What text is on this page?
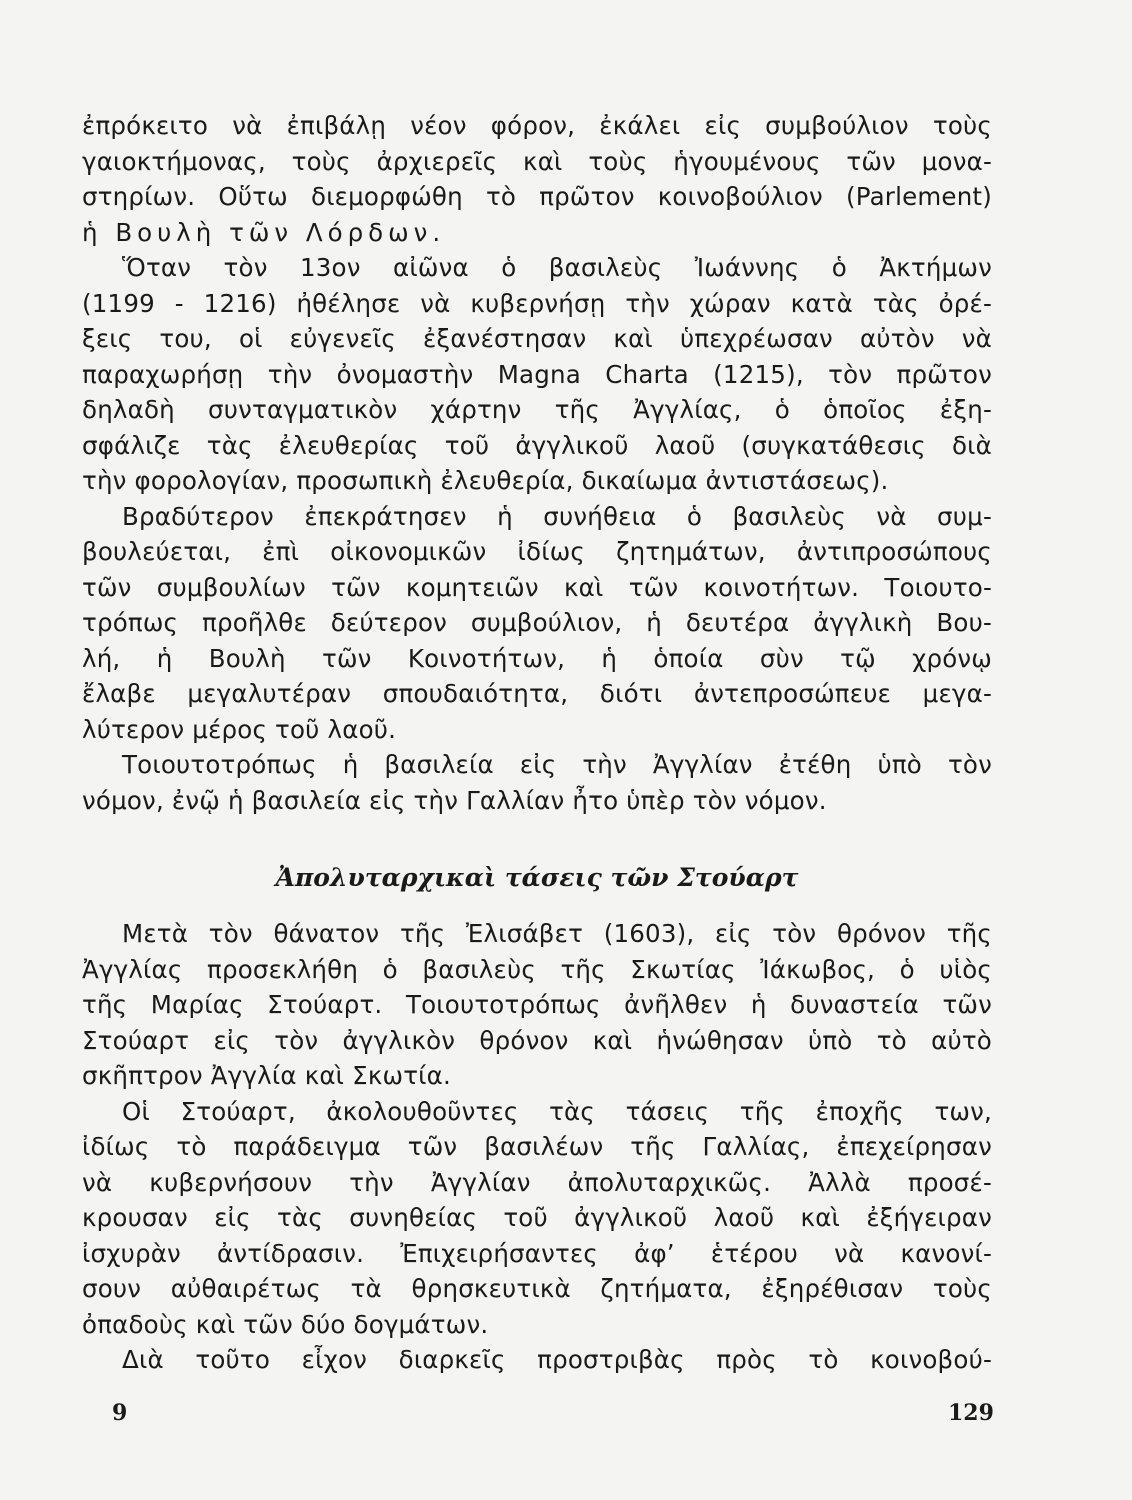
ἐπρόκειτο νὰ ἐπιβάλῃ νέον φόρον, ἐκάλει εἰς συμβούλιον τοὺς
γαιοκτήμονας, τοὺς ἀρχιερεῖς καὶ τοὺς ἡγουμένους τῶν μονα-
στηρίων. Οὕτω διεμορφώθη τὸ πρῶτον κοινοβούλιον (Parlement)
ἡ Βουλὴ τῶν Λόρδων.
Ὅταν τὸν 13ον αἰῶνα ὁ βασιλεὺς Ἰωάννης ὁ Ἀκτήμων
(1199 - 1216) ἠθέλησε νὰ κυβερνήσῃ τὴν χώραν κατὰ τὰς ὀρέ-
ξεις του, οἱ εὐγενεῖς ἐξανέστησαν καὶ ὑπεχρέωσαν αὐτὸν νὰ
παραχωρήσῃ τὴν ὀνομαστὴν Magna Charta (1215), τὸν πρῶτον
δηλαδὴ συνταγματικὸν χάρτην τῆς Ἀγγλίας, ὁ ὁποῖος ἐξη-
σφάλιζε τὰς ἐλευθερίας τοῦ ἀγγλικοῦ λαοῦ (συγκατάθεσις διὰ
τὴν φορολογίαν, προσωπικὴ ἐλευθερία, δικαίωμα ἀντιστάσεως).
Βραδύτερον ἐπεκράτησεν ἡ συνήθεια ὁ βασιλεὺς νὰ συμ-
βουλεύεται, ἐπὶ οἰκονομικῶν ἰδίως ζητημάτων, ἀντιπροσώπους
τῶν συμβουλίων τῶν κομητειῶν καὶ τῶν κοινοτήτων. Τοιουτο-
τρόπως προῆλθε δεύτερον συμβούλιον, ἡ δευτέρα ἀγγλικὴ Βου-
λή, ἡ Βουλὴ τῶν Κοινοτήτων, ἡ ὁποία σὺν τῷ χρόνῳ
ἔλαβε μεγαλυτέραν σπουδαιότητα, διότι ἀντεπροσώπευε μεγα-
λύτερον μέρος τοῦ λαοῦ.
Τοιουτοτρόπως ἡ βασιλεία εἰς τὴν Ἀγγλίαν ἐτέθη ὑπὸ τὸν
νόμον, ἐνῷ ἡ βασιλεία εἰς τὴν Γαλλίαν ἦτο ὑπὲρ τὸν νόμον.
Ἀπολυταρχικαὶ τάσεις τῶν Στούαρτ
Μετὰ τὸν θάνατον τῆς Ἐλισάβετ (1603), εἰς τὸν θρόνον τῆς
Ἀγγλίας προσεκλήθη ὁ βασιλεὺς τῆς Σκωτίας Ἰάκωβος, ὁ υἱὸς
τῆς Μαρίας Στούαρτ. Τοιουτοτρόπως ἀνῆλθεν ἡ δυναστεία τῶν
Στούαρτ εἰς τὸν ἀγγλικὸν θρόνον καὶ ἡνώθησαν ὑπὸ τὸ αὐτὸ
σκῆπτρον Ἀγγλία καὶ Σκωτία.
Οἱ Στούαρτ, ἀκολουθοῦντες τὰς τάσεις τῆς ἐποχῆς των,
ἰδίως τὸ παράδειγμα τῶν βασιλέων τῆς Γαλλίας, ἐπεχείρησαν
νὰ κυβερνήσουν τὴν Ἀγγλίαν ἀπολυταρχικῶς. Ἀλλὰ προσέ-
κρουσαν εἰς τὰς συνηθείας τοῦ ἀγγλικοῦ λαοῦ καὶ ἐξήγειραν
ἰσχυρὰν ἀντίδρασιν. Ἐπιχειρήσαντες ἀφ’ ἑτέρου νὰ κανονί-
σουν αὐθαιρέτως τὰ θρησκευτικὰ ζητήματα, ἐξηρέθισαν τοὺς
ὀπαδοὺς καὶ τῶν δύο δογμάτων.
Διὰ τοῦτο εἶχον διαρκεῖς προστριβὰς πρὸς τὸ κοινοβού-
9	129
